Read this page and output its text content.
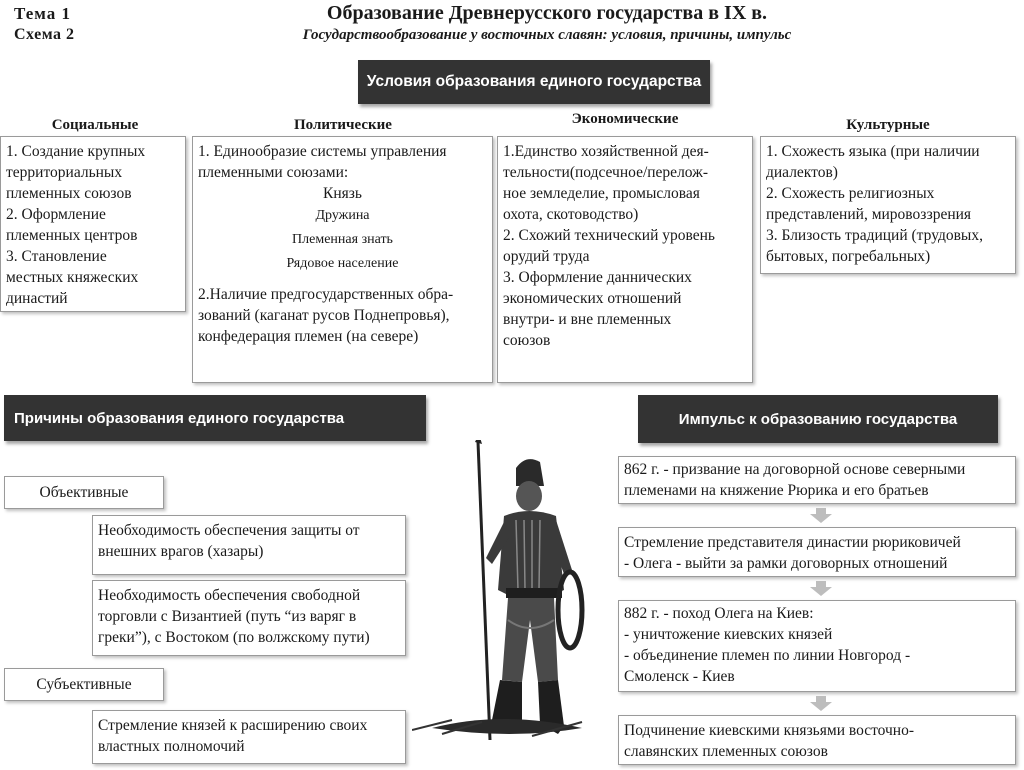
Тема 1
Схема 2
Образование Древнерусского государства в IX в.
Государствообразование у восточных славян: условия, причины, импульс
Условия образования единого государства
Социальные	Политические	Экономические	Культурные

1. Создание крупных

территориальных

племенных союзов

2. Оформление

племенных центров

3. Становление

местных княжеских

династий

1. Единообразие системы управления

племенными союзами:

Князь

Дружина

Племенная знать

Рядовое население

2.Наличие предгосударственных обра-

зований (каганат русов Поднепровья),

конфедерация племен (на севере)

1.Единство хозяйственной дея-

тельности(подсечное/перелож-

ное земледелие, промысловая

охота, скотоводство)

2. Схожий технический уровень

орудий труда

3. Оформление даннических

экономических отношений

внутри- и вне племенных

союзов

1. Схожесть языка (при наличии

диалектов)

2. Схожесть религиозных

представлений, мировоззрения

3. Близость традиций (трудовых,

бытовых, погребальных)

Причины образования единого государства
Объективные

Необходимость обеспечения защиты от

внешних врагов (хазары)

Необходимость обеспечения свободной

торговли с Византией (путь “из варяг в

греки”), с Востоком (по волжскому пути)

Субъективные

Стремление князей к расширению своих

властных полномочий

Импульс к образованию государства

862 г. - призвание на договорной основе северными

племенами на княжение Рюрика и его братьев

Стремление представителя династии рюриковичей

- Олега - выйти за рамки договорных отношений

882 г. - поход Олега на Киев:

- уничтожение киевских князей

- объединение племен по линии Новгород -

Смоленск - Киев

Подчинение киевскими князьями восточно-

славянских племенных союзов
